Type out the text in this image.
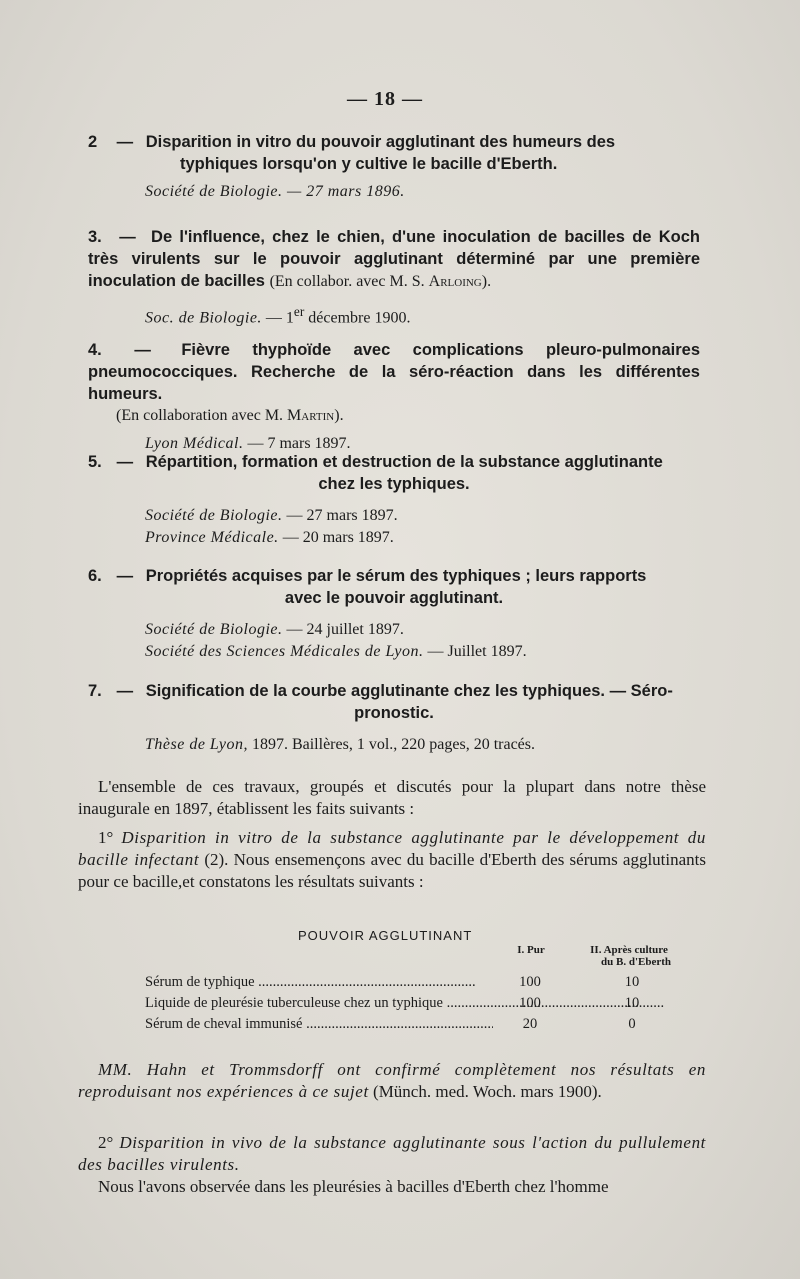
— 18 —
2 — Disparition in vitro du pouvoir agglutinant des humeurs des
typhiques lorsqu'on y cultive le bacille d'Eberth.
Société de Biologie. — 27 mars 1896.
3. — De l'influence, chez le chien, d'une inoculation de bacilles de Koch très virulents sur le pouvoir agglutinant déterminé par une première inoculation de bacilles (En collabor. avec M. S. Arloing).
Soc. de Biologie. — 1er décembre 1900.
4. — Fièvre thyphoïde avec complications pleuro-pulmonaires pneumococciques. Recherche de la séro-réaction dans les différentes humeurs.
(En collaboration avec M. Martin).
Lyon Médical. — 7 mars 1897.
5. — Répartition, formation et destruction de la substance agglutinante
chez les typhiques.
Société de Biologie. — 27 mars 1897.
Province Médicale. — 20 mars 1897.
6. — Propriétés acquises par le sérum des typhiques ; leurs rapports
avec le pouvoir agglutinant.
Société de Biologie. — 24 juillet 1897.
Société des Sciences Médicales de Lyon. — Juillet 1897.
7. — Signification de la courbe agglutinante chez les typhiques. — Séro-
pronostic.
Thèse de Lyon, 1897. Baillères, 1 vol., 220 pages, 20 tracés.
L'ensemble de ces travaux, groupés et discutés pour la plupart dans notre thèse inaugurale en 1897, établissent les faits suivants :
1° Disparition in vitro de la substance agglutinante par le développement du bacille infectant (2). Nous ensemençons avec du bacille d'Eberth des sérums agglutinants pour ce bacille,et constatons les résultats suivants :
POUVOIR AGGLUTINANT
I. Pur	II. Après culture
du B. d'Eberth
Sérum de typhique .....	100	10
Liquide de pleurésie tuberculeuse chez un typhique .....	100	10
Sérum de cheval immunisé .....	20	0
MM. Hahn et Trommsdorff ont confirmé complètement nos résultats en reproduisant nos expériences à ce sujet (Münch. med. Woch. mars 1900).
2° Disparition in vivo de la substance agglutinante sous l'action du pullulement des bacilles virulents.
Nous l'avons observée dans les pleurésies à bacilles d'Eberth chez l'homme
